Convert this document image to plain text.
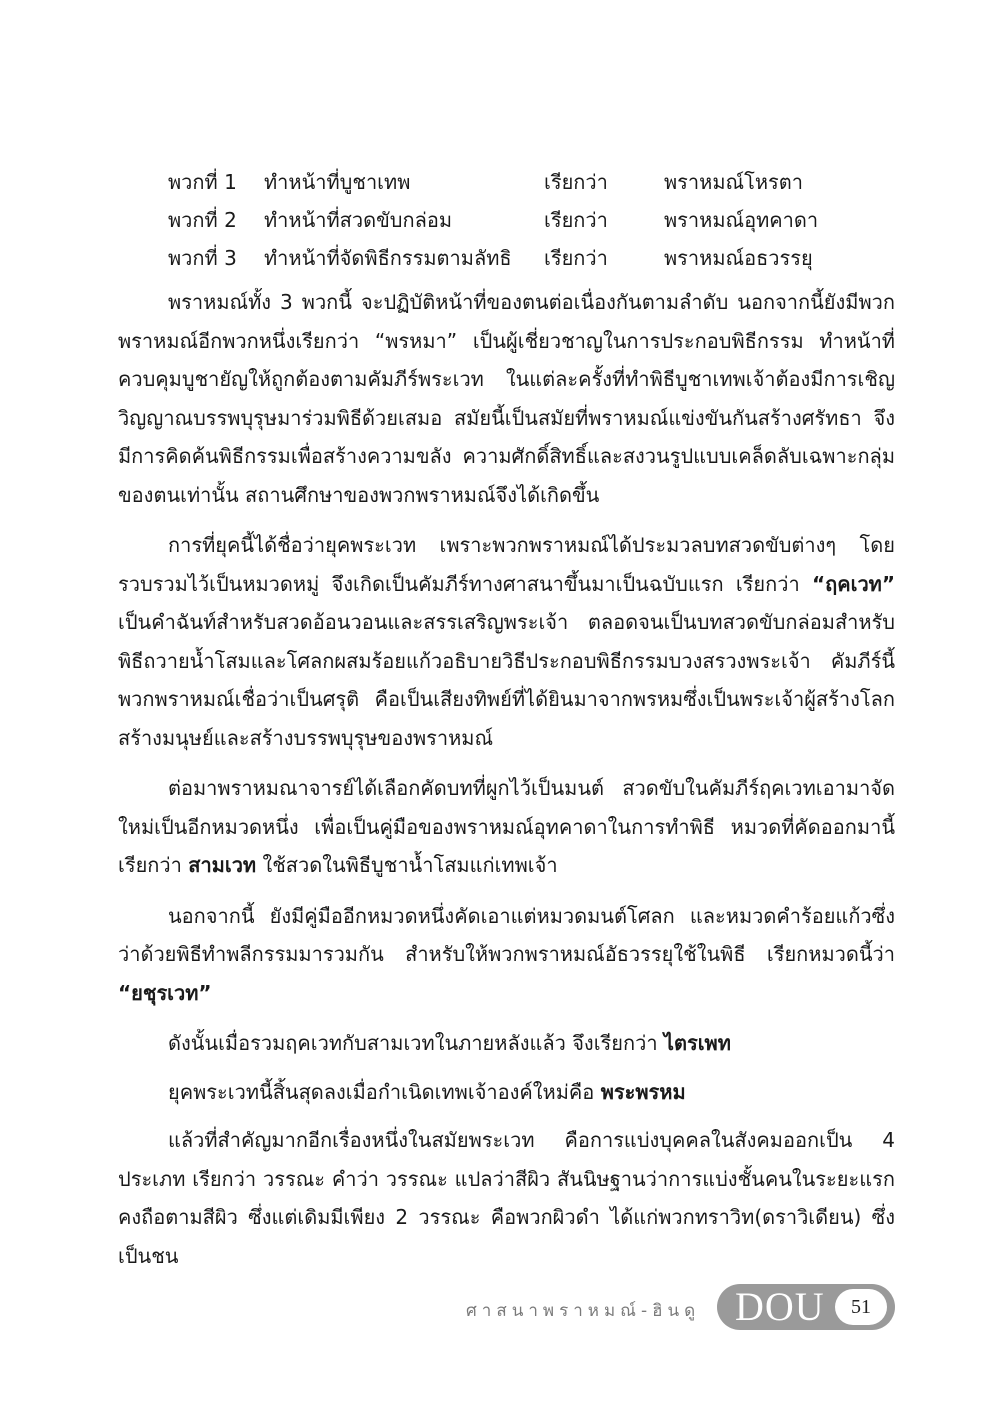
พวกที่ 1 ทำหน้าที่บูชาเทพ	เรียกว่า	พราหมณ์โหรตา
พวกที่ 2 ทำหน้าที่สวดขับกล่อม	เรียกว่า	พราหมณ์อุทคาดา
พวกที่ 3 ทำหน้าที่จัดพิธีกรรมตามลัทธิ เรียกว่า	พราหมณ์อธวรรยุ

พราหมณ์ทั้ง 3 พวกนี้ จะปฏิบัติหน้าที่ของตนต่อเนื่องกันตามลำดับ นอกจากนี้ยังมีพวกพราหมณ์อีกพวกหนึ่งเรียกว่า “พรหมา” เป็นผู้เชี่ยวชาญในการประกอบพิธีกรรม ทำหน้าที่ควบคุมบูชายัญให้ถูกต้องตามคัมภีร์พระเวท ในแต่ละครั้งที่ทำพิธีบูชาเทพเจ้าต้องมีการเชิญวิญญาณบรรพบุรุษมาร่วมพิธีด้วยเสมอ สมัยนี้เป็นสมัยที่พราหมณ์แข่งขันกันสร้างศรัทธา จึงมีการคิดค้นพิธีกรรมเพื่อสร้างความขลัง ความศักดิ์สิทธิ์และสงวนรูปแบบเคล็ดลับเฉพาะกลุ่มของตนเท่านั้น สถานศึกษาของพวกพราหมณ์จึงได้เกิดขึ้น

การที่ยุคนี้ได้ชื่อว่ายุคพระเวท เพราะพวกพราหมณ์ได้ประมวลบทสวดขับต่างๆ โดยรวบรวมไว้เป็นหมวดหมู่ จึงเกิดเป็นคัมภีร์ทางศาสนาขึ้นมาเป็นฉบับแรก เรียกว่า “ฤคเวท” เป็นคำฉันท์สำหรับสวดอ้อนวอนและสรรเสริญพระเจ้า ตลอดจนเป็นบทสวดขับกล่อมสำหรับพิธีถวายน้ำโสมและโศลกผสมร้อยแก้วอธิบายวิธีประกอบพิธีกรรมบวงสรวงพระเจ้า คัมภีร์นี้พวกพราหมณ์เชื่อว่าเป็นศรุติ คือเป็นเสียงทิพย์ที่ได้ยินมาจากพรหมซึ่งเป็นพระเจ้าผู้สร้างโลกสร้างมนุษย์และสร้างบรรพบุรุษของพราหมณ์

ต่อมาพราหมณาจารย์ได้เลือกคัดบทที่ผูกไว้เป็นมนต์ สวดขับในคัมภีร์ฤคเวทเอามาจัดใหม่เป็นอีกหมวดหนึ่ง เพื่อเป็นคู่มือของพราหมณ์อุทคาดาในการทำพิธี หมวดที่คัดออกมานี้เรียกว่า สามเวท ใช้สวดในพิธีบูชาน้ำโสมแก่เทพเจ้า

นอกจากนี้ ยังมีคู่มืออีกหมวดหนึ่งคัดเอาแต่หมวดมนต์โศลก และหมวดคำร้อยแก้วซึ่งว่าด้วยพิธีทำพลีกรรมมารวมกัน สำหรับให้พวกพราหมณ์อัธวรรยุใช้ในพิธี เรียกหมวดนี้ว่า “ยชุรเวท”

ดังนั้นเมื่อรวมฤคเวทกับสามเวทในภายหลังแล้ว จึงเรียกว่า ไตรเพท

ยุคพระเวทนี้สิ้นสุดลงเมื่อกำเนิดเทพเจ้าองค์ใหม่คือ พระพรหม

แล้วที่สำคัญมากอีกเรื่องหนึ่งในสมัยพระเวท คือการแบ่งบุคคลในสังคมออกเป็น 4 ประเภท เรียกว่า วรรณะ คำว่า วรรณะ แปลว่าสีผิว สันนิษฐานว่าการแบ่งชั้นคนในระยะแรกคงถือตามสีผิว ซึ่งแต่เดิมมีเพียง 2 วรรณะ คือพวกผิวดำ ได้แก่พวกทราวิท(ดราวิเดียน) ซึ่งเป็นชน

ศาสนาพราหมณ์-ฮินดู DOU	51
